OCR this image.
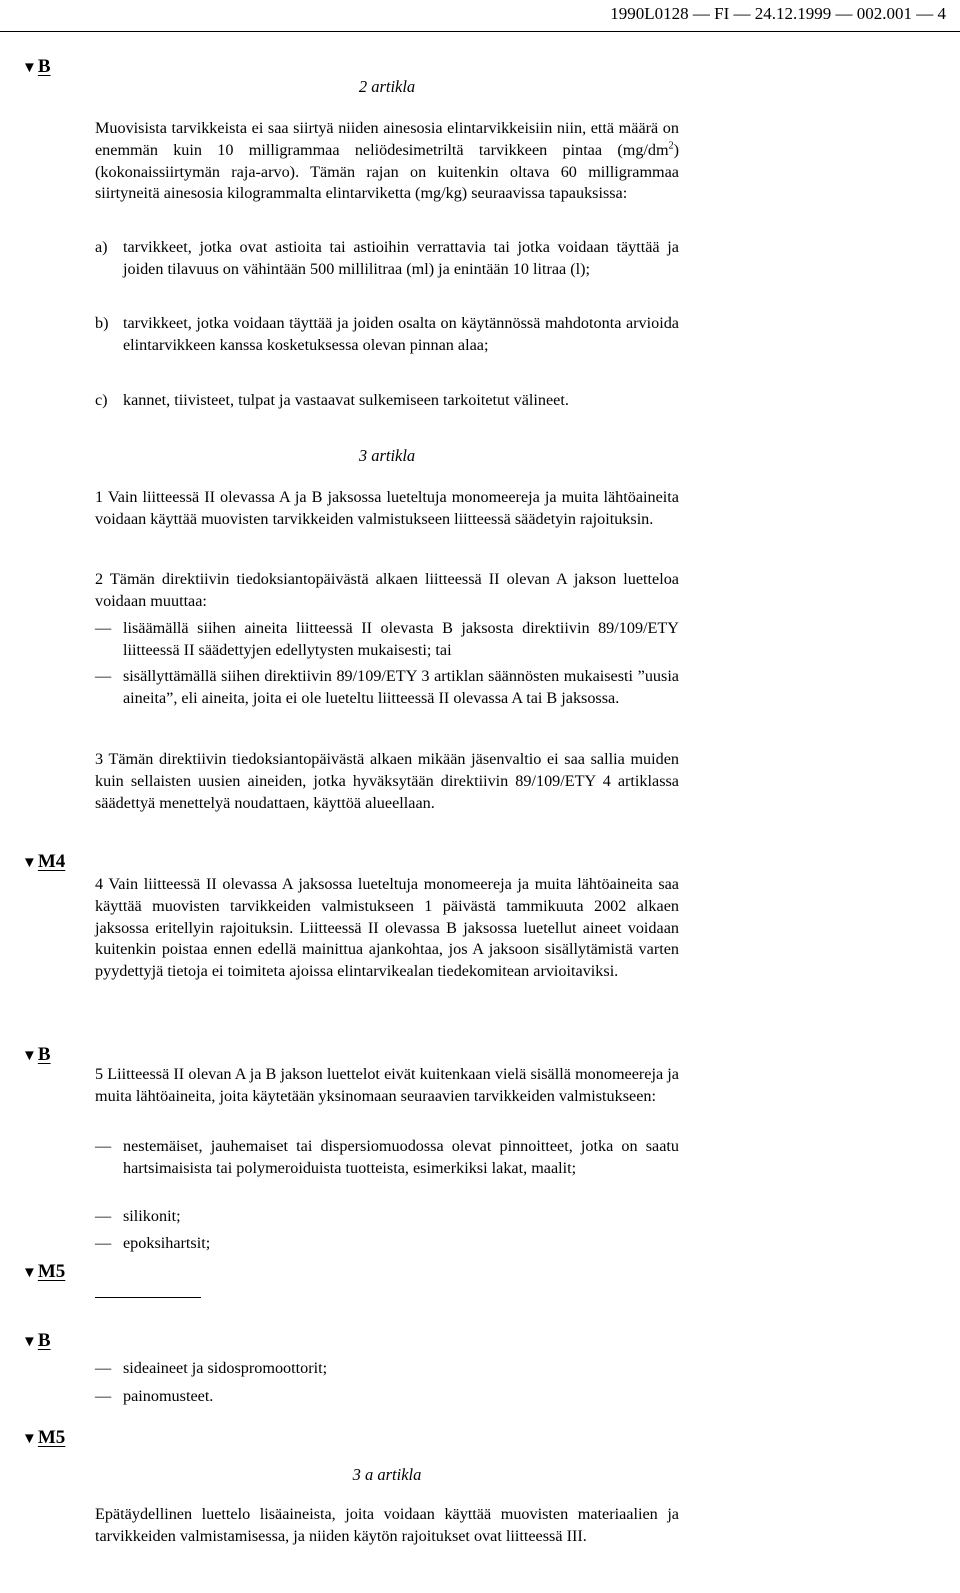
1990L0128 — FI — 24.12.1999 — 002.001 — 4
▼B
▼M4
▼B
▼M5
▼B
▼M5
2 artikla
Muovisista tarvikkeista ei saa siirtyä niiden ainesosia elintarvikkeisiin niin, että määrä on enemmän kuin 10 milligrammaa neliödesimetriltä tarvikkeen pintaa $(mg/dm^2)(kokonaissiirtymän$ raja-arvo). Tämän rajan on kuitenkin oltava 60 milligrammaa siirtyneitä ainesosia kilogrammalta elintarviketta (mg/kg) seuraavissa tapauksissa:
a) tarvikkeet, jotka ovat astioita tai astioihin verrattavia tai jotka voidaan täyttää ja joiden tilavuus on vähintään 500 millilitraa (ml) ja enintään 10 litraa (l);
b) tarvikkeet, jotka voidaan täyttää ja joiden osalta on käytännössä mahdotonta arvioida elintarvikkeen kanssa kosketuksessa olevan pinnan alaa;
c) kannet, tiivisteet, tulpat ja vastaavat sulkemiseen tarkoitetut välineet.
3 artikla
1 Vain liitteessä II olevassa A ja B jaksossa lueteltuja monomeereja ja muita lähtöaineita voidaan käyttää muovisten tarvikkeiden valmistukseen liitteessä säädetyin rajoituksin.
2 Tämän direktiivin tiedoksiantopäivästä alkaen liitteessä II olevan A jakson luetteloa voidaan muuttaa:
— lisäämällä siihen aineita liitteessä II olevasta B jaksosta direktiivin 89/109/ETY liitteessä II säädettyjen edellytysten mukaisesti; tai
— sisällyttämällä siihen direktiivin 89/109/ETY 3 artiklan säännösten mukaisesti ”uusia aineita”, eli aineita, joita ei ole lueteltu liitteessä II olevassa A tai B jaksossa.
3 Tämän direktiivin tiedoksiantopäivästä alkaen mikään jäsenvaltio ei saa sallia muiden kuin sellaisten uusien aineiden, jotka hyväksytään direktiivin 89/109/ETY 4 artiklassa säädettyä menettelyä noudattaen, käyttöä alueellaan.
4 Vain liitteessä II olevassa A jaksossa lueteltuja monomeereja ja muita lähtöaineita saa käyttää muovisten tarvikkeiden valmistukseen 1 päivästä tammikuuta 2002 alkaen jaksossa eritellyin rajoituksin. Liitteessä II olevassa B jaksossa luetellut aineet voidaan kuitenkin poistaa ennen edellä mainittua ajankohtaa, jos A jaksoon sisällytämistä varten pyydettyjä tietoja ei toimiteta ajoissa elintarvikealan tiedekomitean arvioitaviksi.
5 Liitteessä II olevan A ja B jakson luettelot eivät kuitenkaan vielä sisällä monomeereja ja muita lähtöaineita, joita käytetään yksinomaan seuraavien tarvikkeiden valmistukseen:
— nestemäiset, jauhemaiset tai dispersiomuodossa olevat pinnoitteet, jotka on saatu hartsimaisista tai polymeroiduista tuotteista, esimerkiksi lakat, maalit;
— silikonit;
— epoksihartsit;
— sideaineet ja sidospromoottorit;
— painomusteet.
3 a artikla
Epätäydellinen luettelo lisäaineista, joita voidaan käyttää muovisten materiaalien ja tarvikkeiden valmistamisessa, ja niiden käytön rajoitukset ovat liitteessä III.
